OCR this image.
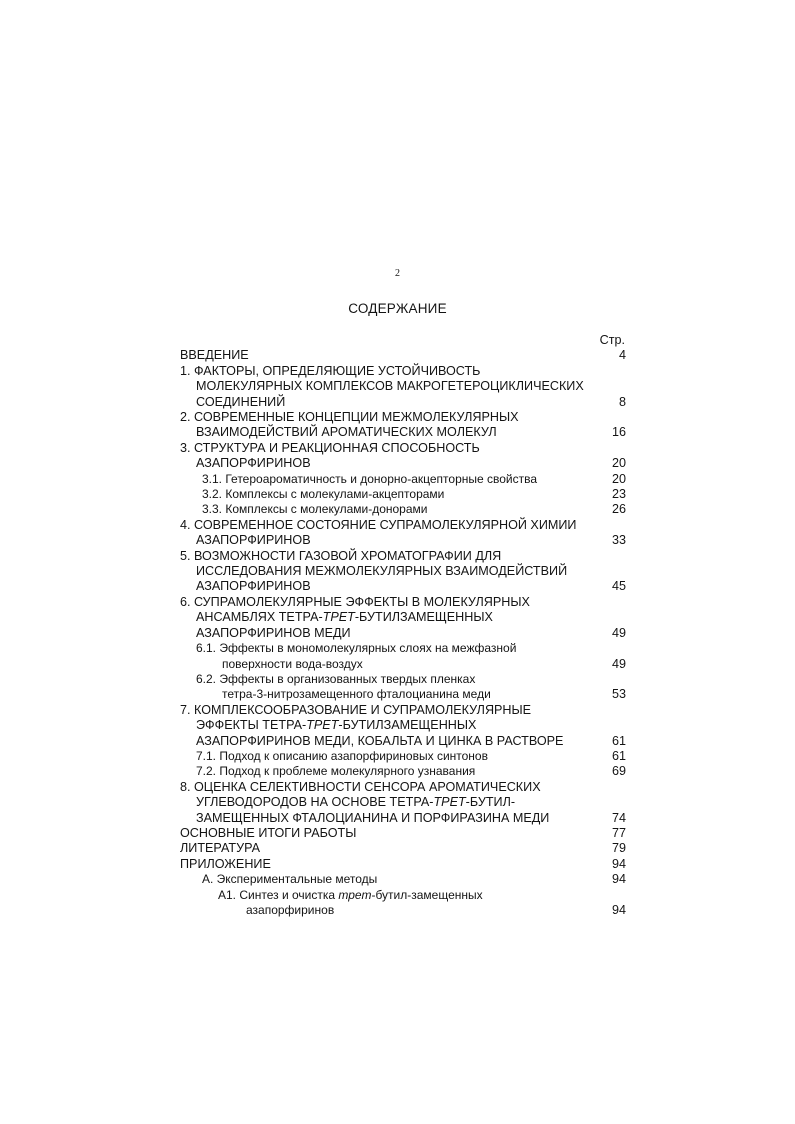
2
СОДЕРЖАНИЕ
Стр.
ВВЕДЕНИЕ	4
1. ФАКТОРЫ, ОПРЕДЕЛЯЮЩИЕ УСТОЙЧИВОСТЬ
МОЛЕКУЛЯРНЫХ КОМПЛЕКСОВ МАКРОГЕТЕРОЦИКЛИЧЕСКИХ
СОЕДИНЕНИЙ	8
2. СОВРЕМЕННЫЕ КОНЦЕПЦИИ МЕЖМОЛЕКУЛЯРНЫХ
ВЗАИМОДЕЙСТВИЙ АРОМАТИЧЕСКИХ МОЛЕКУЛ	16
3. СТРУКТУРА И РЕАКЦИОННАЯ СПОСОБНОСТЬ
АЗАПОРФИРИНОВ	20
3.1. Гетероароматичность и донорно-акцепторные свойства	20
3.2. Комплексы с молекулами-акцепторами	23
3.3. Комплексы с молекулами-донорами	26
4. СОВРЕМЕННОЕ СОСТОЯНИЕ СУПРАМОЛЕКУЛЯРНОЙ ХИМИИ
АЗАПОРФИРИНОВ	33
5. ВОЗМОЖНОСТИ ГАЗОВОЙ ХРОМАТОГРАФИИ ДЛЯ
ИССЛЕДОВАНИЯ МЕЖМОЛЕКУЛЯРНЫХ ВЗАИМОДЕЙСТВИЙ
АЗАПОРФИРИНОВ	45
6. СУПРАМОЛЕКУЛЯРНЫЕ ЭФФЕКТЫ В МОЛЕКУЛЯРНЫХ
АНСАМБЛЯХ ТЕТРА-ТРЕТ-БУТИЛЗАМЕЩЕННЫХ
АЗАПОРФИРИНОВ МЕДИ	49
6.1. Эффекты в мономолекулярных слоях на межфазной
поверхности вода-воздух	49
6.2. Эффекты в организованных твердых пленках
тетра-3-нитрозамещенного фталоцианина меди	53
7. КОМПЛЕКСООБРАЗОВАНИЕ И СУПРАМОЛЕКУЛЯРНЫЕ
ЭФФЕКТЫ ТЕТРА-ТРЕТ-БУТИЛЗАМЕЩЕННЫХ
АЗАПОРФИРИНОВ МЕДИ, КОБАЛЬТА И ЦИНКА В РАСТВОРЕ	61
7.1. Подход к описанию азапорфириновых синтонов	61
7.2. Подход к проблеме молекулярного узнавания	69
8. ОЦЕНКА СЕЛЕКТИВНОСТИ СЕНСОРА АРОМАТИЧЕСКИХ
УГЛЕВОДОРОДОВ НА ОСНОВЕ ТЕТРА-ТРЕТ-БУТИЛ-
ЗАМЕЩЕННЫХ ФТАЛОЦИАНИНА И ПОРФИРАЗИНА МЕДИ	74
ОСНОВНЫЕ ИТОГИ РАБОТЫ	77
ЛИТЕРАТУРА	79
ПРИЛОЖЕНИЕ	94
А. Экспериментальные методы	94
А1. Синтез и очистка трет-бутил-замещенных
азапорфиринов	94
